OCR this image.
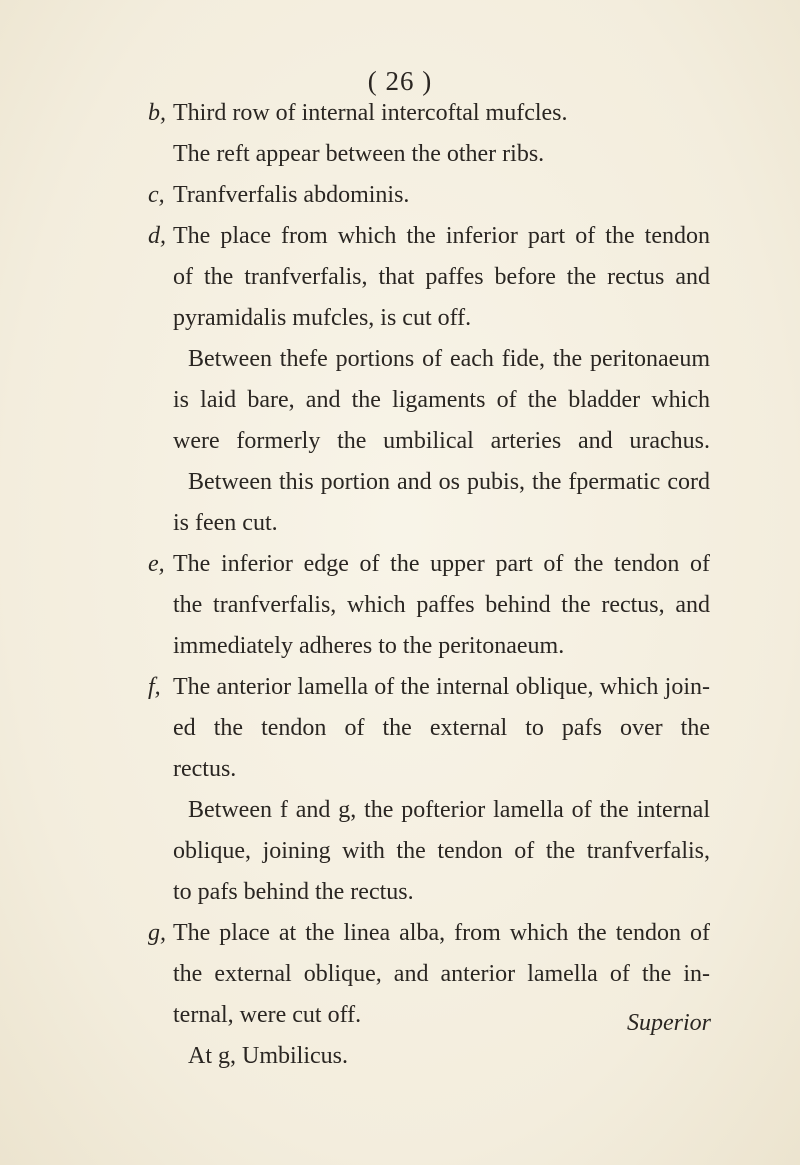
( 26 )
b, Third row of internal intercoftal mufcles.
The reft appear between the other ribs.
c, Tranfverfalis abdominis.
d, The place from which the inferior part of the tendon
of the tranfverfalis, that paffes before the rectus and
pyramidalis mufcles, is cut off.
Between thefe portions of each fide, the peritonaeum
is laid bare, and the ligaments of the bladder which
were formerly the umbilical arteries and urachus.
Between this portion and os pubis, the fpermatic cord
is feen cut.
e, The inferior edge of the upper part of the tendon of
the tranfverfalis, which paffes behind the rectus, and
immediately adheres to the peritonaeum.
f, The anterior lamella of the internal oblique, which join-
ed the tendon of the external to pafs over the
rectus.
Between f and g, the pofterior lamella of the internal
oblique, joining with the tendon of the tranfverfalis,
to pafs behind the rectus.
g, The place at the linea alba, from which the tendon of
the external oblique, and anterior lamella of the in-
ternal, were cut off.
At g, Umbilicus.
Superior
